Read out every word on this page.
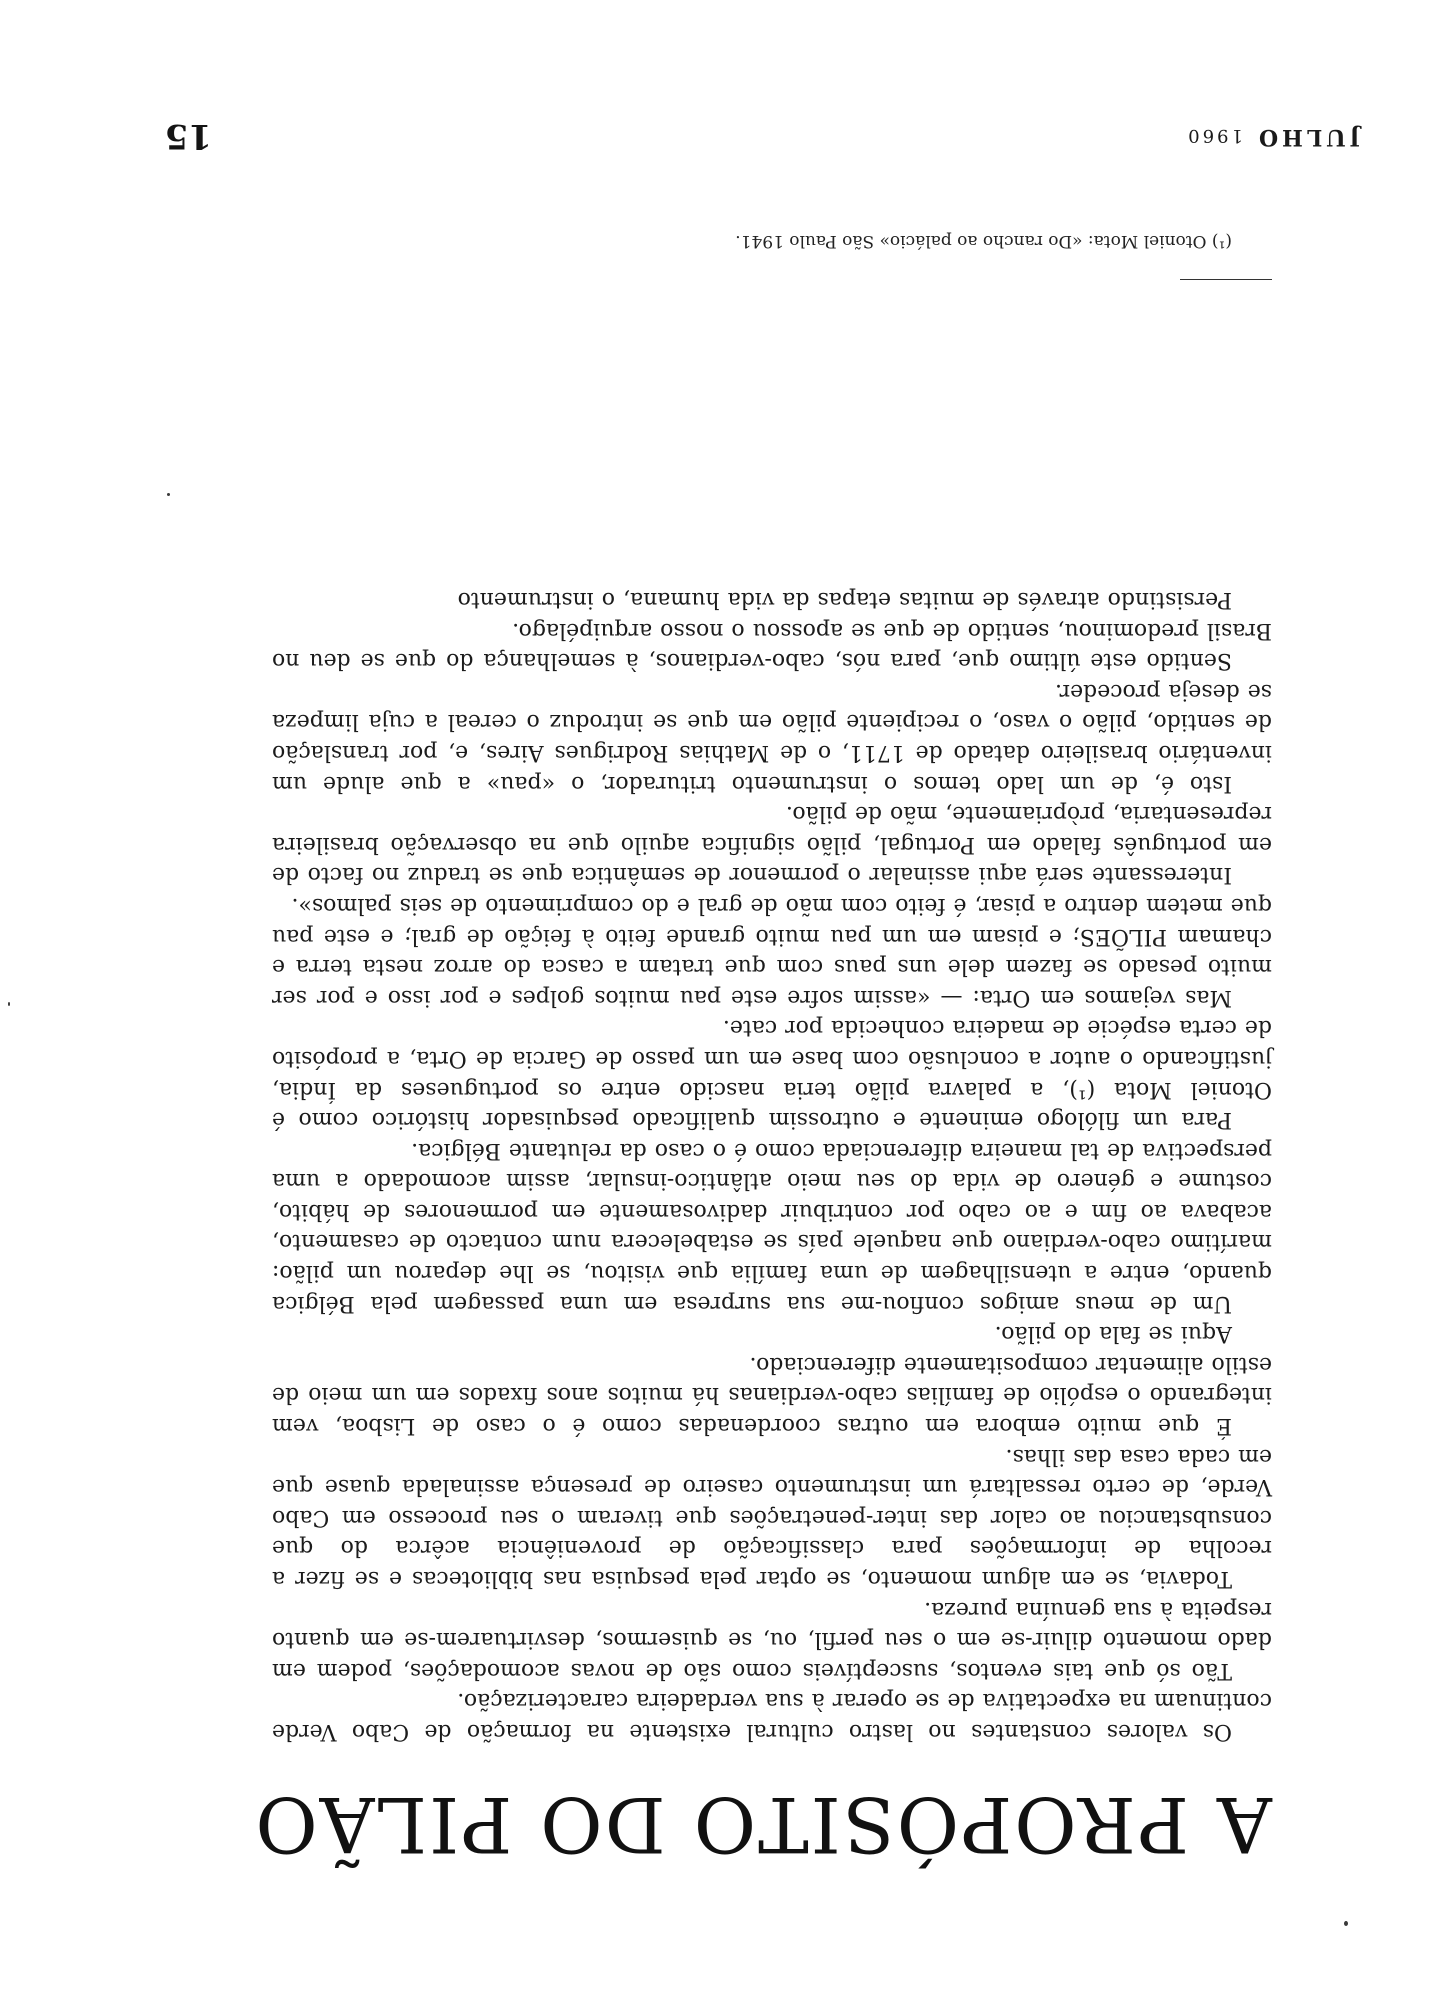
A PROPÓSITO DO PILÃO

Os valores constantes no lastro cultural existente na formação de Cabo Verde continuam na expectativa de se operar à sua verdadeira caracterização.

Tão só que tais eventos, susceptíveis como são de novas acomodações, podem em dado momento diluir-se em o seu perfil, ou, se quisermos, desvirtuarem-se em quanto respeita à sua genuína pureza.

Todavia, se em algum momento, se optar pela pesquisa nas bibliotecas e se fizer a recolha de informações para classificação de proveniência acêrca do que consubstanciou ao calor das inter-penetrações que tiveram o seu processo em Cabo Verde, de certo ressaltará um instrumento caseiro de presença assinalada quase que em cada casa das ilhas.

É que muito embora em outras coordenadas como é o caso de Lisboa, vem integrando o espólio de famílias cabo-verdianas há muitos anos fixados em um meio de estilo alimentar compositamente diferenciado.

Aqui se fala do pilão.

Um de meus amigos confiou-me sua surpresa em uma passagem pela Bélgica quando, entre a utensilhagem de uma família que visitou, se lhe deparou um pilão: marítimo cabo-verdiano que naquele país se estabelecera num contacto de casamento, acabava ao fim e ao cabo por contribuir dadivosamente em pormenores de hábito, costume e género de vida do seu meio atlântico-insular, assim acomodado a uma perspectiva de tal maneira diferenciada como é o caso da relutante Bélgica.

Para um filólogo eminente e outrossim qualificado pesquisador histórico como é Otoniel Mota (¹), a palavra pilão teria nascido entre os portugueses da Índia, justificando o autor a conclusão com base em um passo de Garcia de Orta, a propósito de certa espécie de madeira conhecida por cate.

Mas vejamos em Orta: — «assim sofre este pau muitos golpes e por isso e por ser muito pesado se fazem dele uns paus com que tratam a casca do arroz nesta terra e chamam PILÕES; e pisam em um pau muito grande feito à feição de gral; e este pau que metem dentro a pisar, é feito com mão de gral e do comprimento de seis palmos».

Interessante será aqui assinalar o pormenor de semântica que se traduz no facto de em português falado em Portugal, pilão significa aquilo que na observação brasileira representaria, pròpriamente, mão de pilão.

Isto é, de um lado temos o instrumento triturador, o «pau» a que alude um inventário brasileiro datado de 1711, o de Mathias Rodrigues Aires, e, por translação de sentido, pilão o vaso, o recipiente pilão em que se introduz o cereal a cuja limpeza se deseja proceder.

Sentido este último que, para nós, cabo-verdianos, à semelhança do que se deu no Brasil predominou, sentido de que se apossou o nosso arquipélago.

Persistindo através de muitas etapas da vida humana, o instrumento

(¹) Otoniel Mota: «Do rancho ao palácio» São Paulo 1941.

JULHO1960
15
